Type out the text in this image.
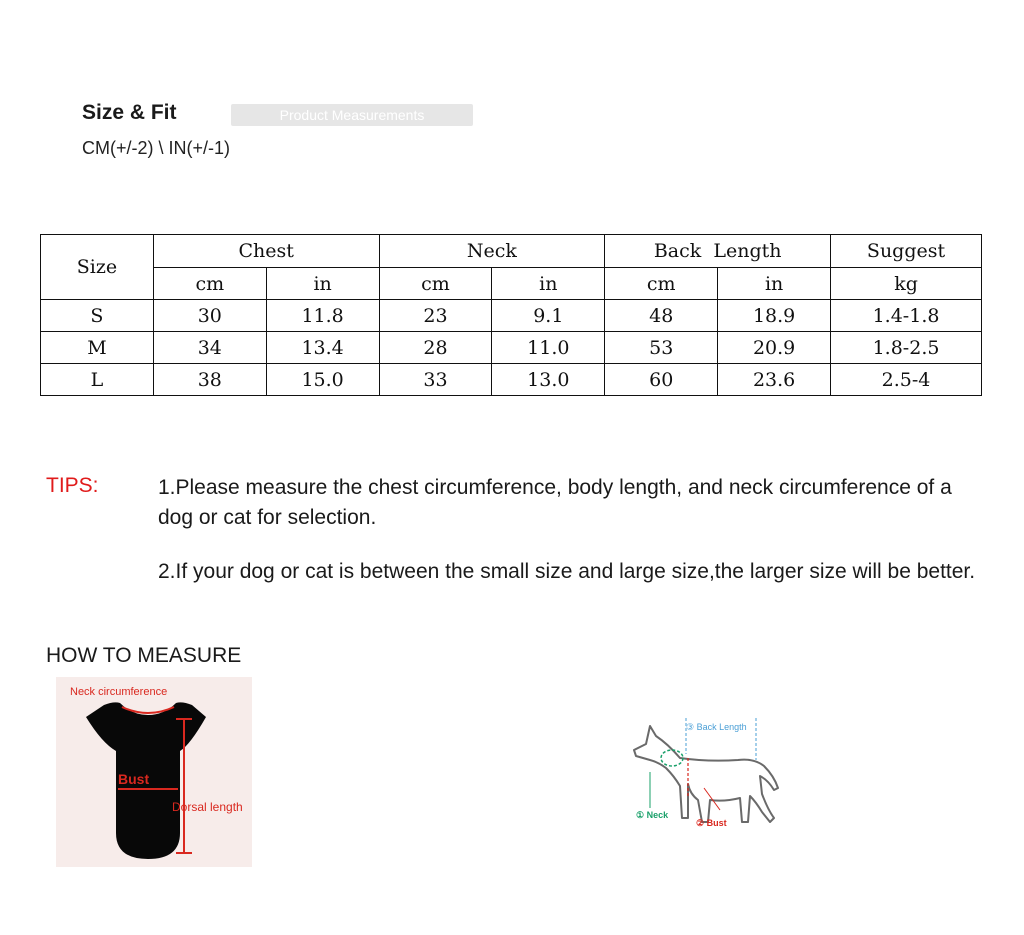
Size & Fit	Product Measurements
CM(+/-2) \ IN(+/-1)
Size	Chest		Neck		Back  Length		Suggest
	cm	in	cm	in	cm	in	kg
S	30	11.8	23	9.1	48	18.9	1.4-1.8
M	34	13.4	28	11.0	53	20.9	1.8-2.5
L	38	15.0	33	13.0	60	23.6	2.5-4
TIPS:	1.Please measure the chest circumference, body length, and neck circumference of a dog or cat for selection.
2.If your dog or cat is between the small size and large size,the larger size will be better.
HOW TO MEASURE
Neck circumference
Bust
Dorsal length
③ Back Length
① Neck
② Bust
